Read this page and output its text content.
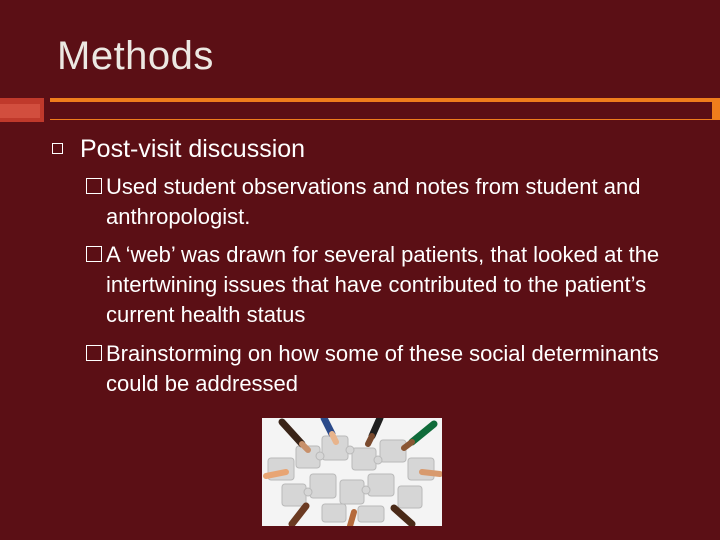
Methods
Post-visit discussion
Used student observations and notes from student and anthropologist.
A ‘web’ was drawn for several patients, that looked at the intertwining issues that have contributed to the patient’s current health status
Brainstorming on how some of these social determinants could be addressed
